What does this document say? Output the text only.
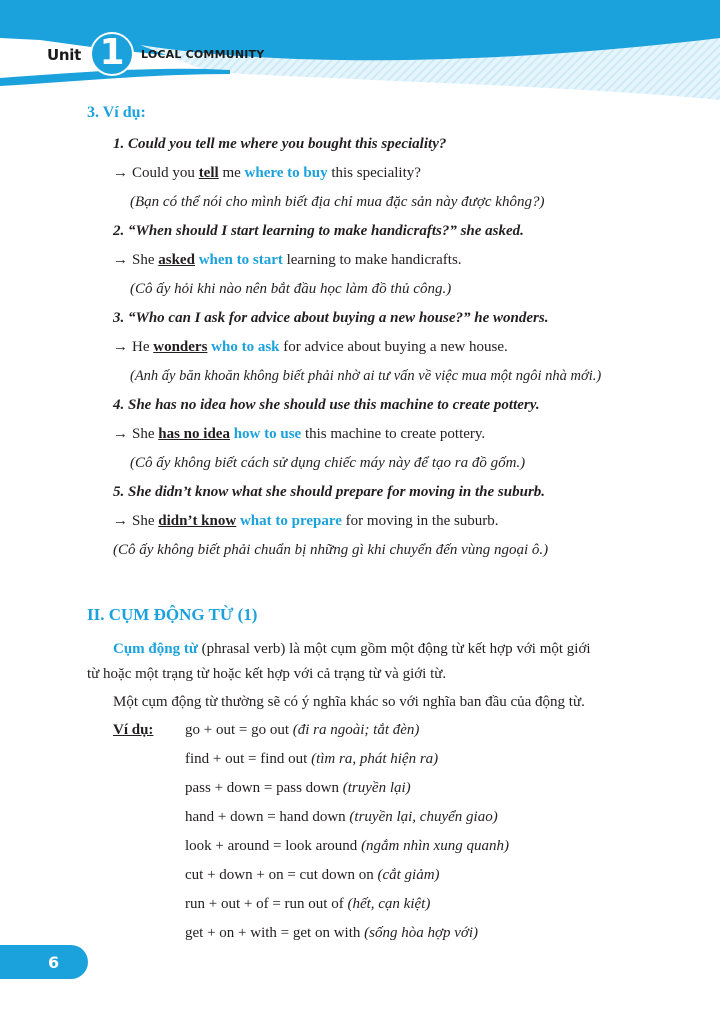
Unit 1	LOCAL COMMUNITY
3. Ví dụ:
1. Could you tell me where you bought this speciality?
→ Could you tell me where to buy this speciality?
(Bạn có thể nói cho mình biết địa chỉ mua đặc sản này được không?)
2. “When should I start learning to make handicrafts?” she asked.
→ She asked when to start learning to make handicrafts.
(Cô ấy hỏi khi nào nên bắt đầu học làm đồ thủ công.)
3. “Who can I ask for advice about buying a new house?” he wonders.
→ He wonders who to ask for advice about buying a new house.
(Anh ấy băn khoăn không biết phải nhờ ai tư vấn về việc mua một ngôi nhà mới.)
4. She has no idea how she should use this machine to create pottery.
→ She has no idea how to use this machine to create pottery.
(Cô ấy không biết cách sử dụng chiếc máy này để tạo ra đồ gốm.)
5. She didn’t know what she should prepare for moving in the suburb.
→ She didn’t know what to prepare for moving in the suburb.
(Cô ấy không biết phải chuẩn bị những gì khi chuyển đến vùng ngoại ô.)
II. CỤM ĐỘNG TỪ (1)
Cụm động từ (phrasal verb) là một cụm gồm một động từ kết hợp với một giới
từ hoặc một trạng từ hoặc kết hợp với cả trạng từ và giới từ.
Một cụm động từ thường sẽ có ý nghĩa khác so với nghĩa ban đầu của động từ.
Ví dụ: go + out = go out (đi ra ngoài; tắt đèn)
find + out = find out (tìm ra, phát hiện ra)
pass + down = pass down (truyền lại)
hand + down = hand down (truyền lại, chuyển giao)
look + around = look around (ngắm nhìn xung quanh)
cut + down + on = cut down on (cắt giảm)
run + out + of = run out of (hết, cạn kiệt)
get + on + with = get on with (sống hòa hợp với)
6
